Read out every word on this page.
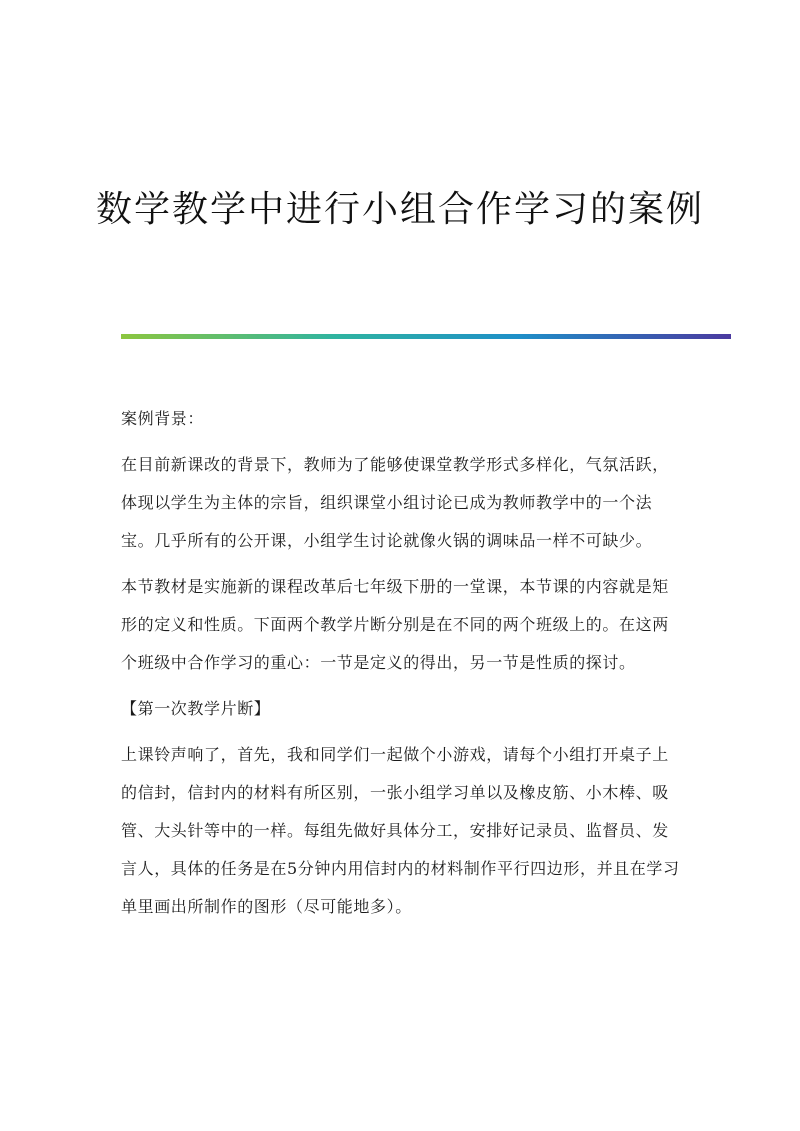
数学教学中进行小组合作学习的案例

案例背景：

在目前新课改的背景下，教师为了能够使课堂教学形式多样化，气氛活跃，体现以学生为主体的宗旨，组织课堂小组讨论已成为教师教学中的一个法宝。几乎所有的公开课，小组学生讨论就像火锅的调味品一样不可缺少。

本节教材是实施新的课程改革后七年级下册的一堂课，本节课的内容就是矩形的定义和性质。下面两个教学片断分别是在不同的两个班级上的。在这两个班级中合作学习的重心：一节是定义的得出，另一节是性质的探讨。

【第一次教学片断】

上课铃声响了，首先，我和同学们一起做个小游戏，请每个小组打开桌子上的信封，信封内的材料有所区别，一张小组学习单以及橡皮筋、小木棒、吸管、大头针等中的一样。每组先做好具体分工，安排好记录员、监督员、发言人，具体的任务是在5分钟内用信封内的材料制作平行四边形，并且在学习单里画出所制作的图形（尽可能地多）。
